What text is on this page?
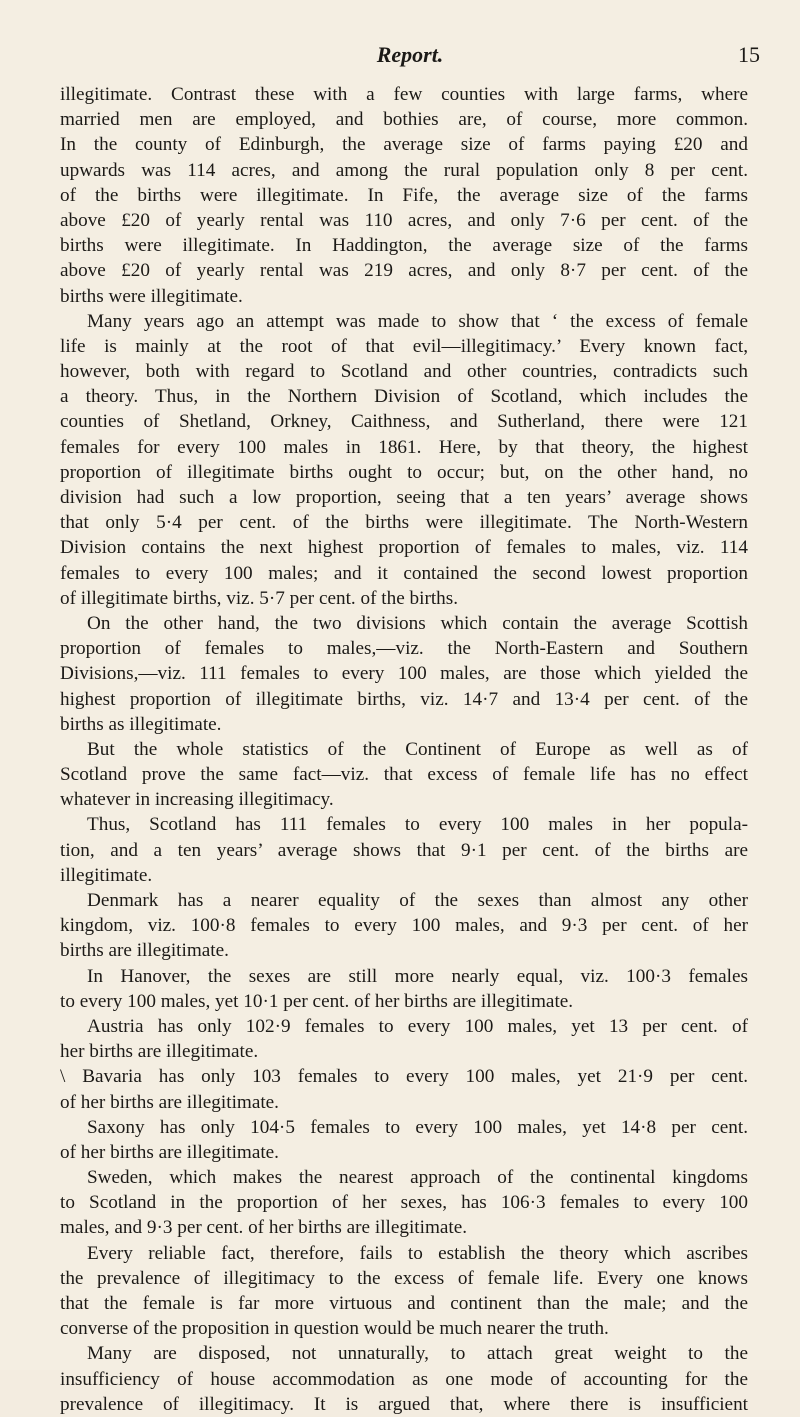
Report.	15
illegitimate. Contrast these with a few counties with large farms, where
married men are employed, and bothies are, of course, more common.
In the county of Edinburgh, the average size of farms paying £20 and
upwards was 114 acres, and among the rural population only 8 per cent.
of the births were illegitimate. In Fife, the average size of the farms
above £20 of yearly rental was 110 acres, and only 7·6 per cent. of the
births were illegitimate. In Haddington, the average size of the farms
above £20 of yearly rental was 219 acres, and only 8·7 per cent. of the
births were illegitimate.
Many years ago an attempt was made to show that ‘ the excess of female
life is mainly at the root of that evil—illegitimacy.’ Every known fact,
however, both with regard to Scotland and other countries, contradicts such
a theory. Thus, in the Northern Division of Scotland, which includes the
counties of Shetland, Orkney, Caithness, and Sutherland, there were 121
females for every 100 males in 1861. Here, by that theory, the highest
proportion of illegitimate births ought to occur; but, on the other hand, no
division had such a low proportion, seeing that a ten years’ average shows
that only 5·4 per cent. of the births were illegitimate. The North-Western
Division contains the next highest proportion of females to males, viz. 114
females to every 100 males; and it contained the second lowest proportion
of illegitimate births, viz. 5·7 per cent. of the births.
On the other hand, the two divisions which contain the average Scottish
proportion of females to males,—viz. the North-Eastern and Southern
Divisions,—viz. 111 females to every 100 males, are those which yielded the
highest proportion of illegitimate births, viz. 14·7 and 13·4 per cent. of the
births as illegitimate.
But the whole statistics of the Continent of Europe as well as of
Scotland prove the same fact—viz. that excess of female life has no effect
whatever in increasing illegitimacy.
Thus, Scotland has 111 females to every 100 males in her popula-
tion, and a ten years’ average shows that 9·1 per cent. of the births are
illegitimate.
Denmark has a nearer equality of the sexes than almost any other
kingdom, viz. 100·8 females to every 100 males, and 9·3 per cent. of her
births are illegitimate.
In Hanover, the sexes are still more nearly equal, viz. 100·3 females
to every 100 males, yet 10·1 per cent. of her births are illegitimate.
Austria has only 102·9 females to every 100 males, yet 13 per cent. of
her births are illegitimate.
\ Bavaria has only 103 females to every 100 males, yet 21·9 per cent.
of her births are illegitimate.
Saxony has only 104·5 females to every 100 males, yet 14·8 per cent.
of her births are illegitimate.
Sweden, which makes the nearest approach of the continental kingdoms
to Scotland in the proportion of her sexes, has 106·3 females to every 100
males, and 9·3 per cent. of her births are illegitimate.
Every reliable fact, therefore, fails to establish the theory which ascribes
the prevalence of illegitimacy to the excess of female life. Every one knows
that the female is far more virtuous and continent than the male; and the
converse of the proposition in question would be much nearer the truth.
Many are disposed, not unnaturally, to attach great weight to the
insufficiency of house accommodation as one mode of accounting for the
prevalence of illegitimacy. It is argued that, where there is insufficient
